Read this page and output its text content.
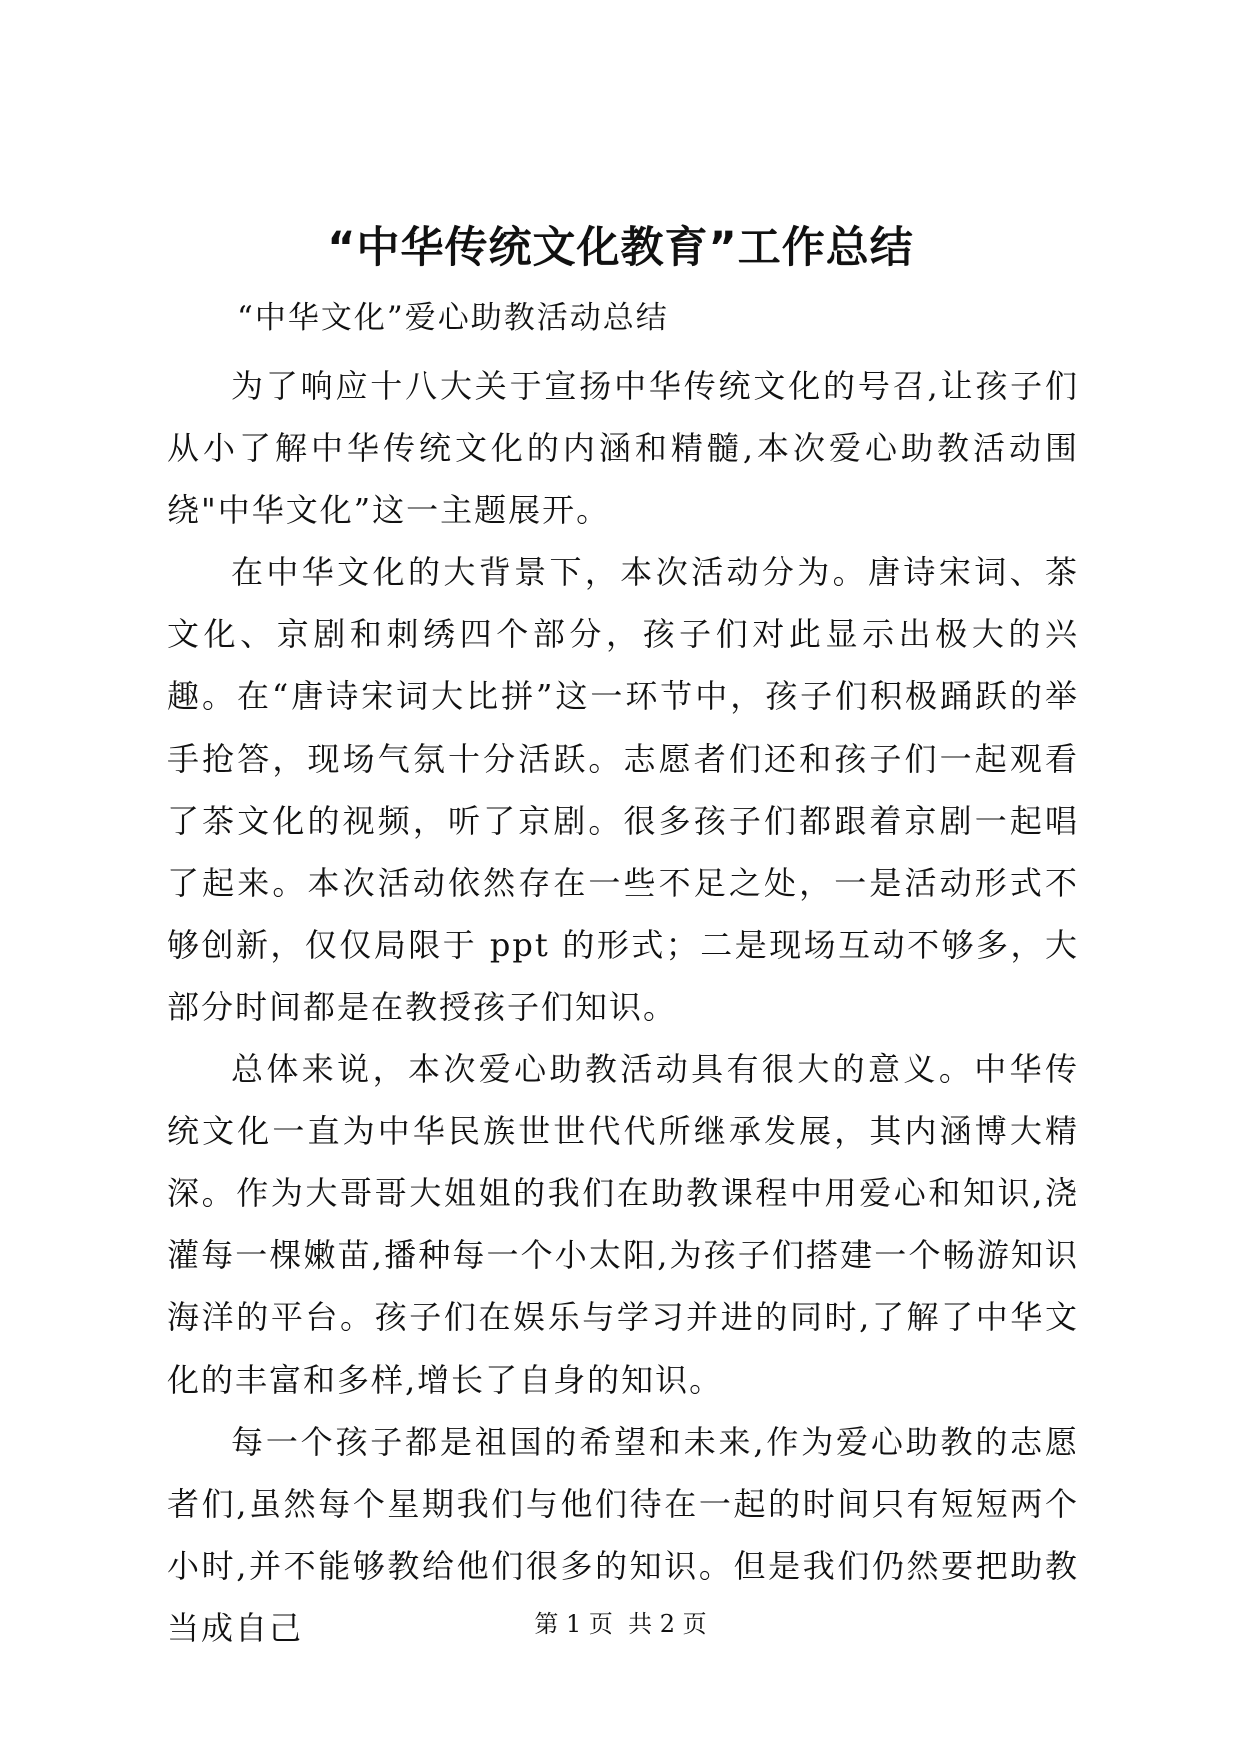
“中华传统文化教育”工作总结
“中华文化”爱心助教活动总结

为了响应十八大关于宣扬中华传统文化的号召,让孩子们从小了解中华传统文化的内涵和精髓,本次爱心助教活动围绕"中华文化”这一主题展开。

在中华文化的大背景下，本次活动分为。唐诗宋词、茶文化、京剧和刺绣四个部分，孩子们对此显示出极大的兴趣。在“唐诗宋词大比拼”这一环节中，孩子们积极踊跃的举手抢答，现场气氛十分活跃。志愿者们还和孩子们一起观看了茶文化的视频，听了京剧。很多孩子们都跟着京剧一起唱了起来。本次活动依然存在一些不足之处，一是活动形式不够创新，仅仅局限于 ppt 的形式；二是现场互动不够多，大部分时间都是在教授孩子们知识。

总体来说，本次爱心助教活动具有很大的意义。中华传统文化一直为中华民族世世代代所继承发展，其内涵博大精深。作为大哥哥大姐姐的我们在助教课程中用爱心和知识,浇灌每一棵嫩苗,播种每一个小太阳,为孩子们搭建一个畅游知识海洋的平台。孩子们在娱乐与学习并进的同时,了解了中华文化的丰富和多样,增长了自身的知识。

每一个孩子都是祖国的希望和未来,作为爱心助教的志愿者们,虽然每个星期我们与他们待在一起的时间只有短短两个小时,并不能够教给他们很多的知识。但是我们仍然要把助教当成自己	第 1 页  共 2 页
